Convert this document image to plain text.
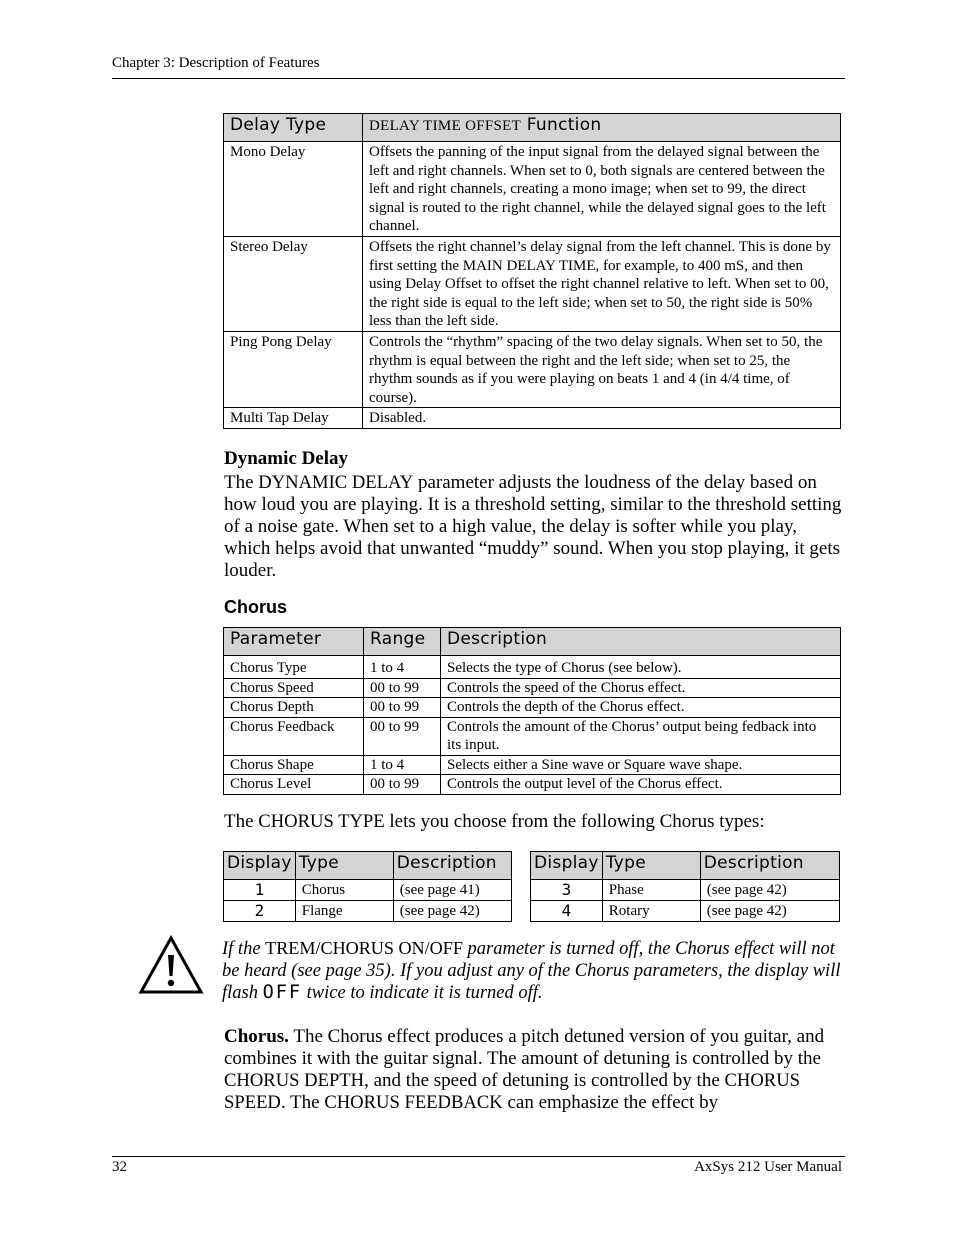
Chapter 3: Description of Features
Delay Type	DELAY TIME OFFSET Function
Mono Delay	Offsets the panning of the input signal from the delayed signal between the left and right channels. When set to 0, both signals are centered between the left and right channels, creating a mono image; when set to 99, the direct signal is routed to the right channel, while the delayed signal goes to the left channel.
Stereo Delay	Offsets the right channel’s delay signal from the left channel. This is done by first setting the MAIN DELAY TIME, for example, to 400 mS, and then using Delay Offset to offset the right channel relative to left. When set to 00, the right side is equal to the left side; when set to 50, the right side is 50% less than the left side.
Ping Pong Delay	Controls the “rhythm” spacing of the two delay signals. When set to 50, the rhythm is equal between the right and the left side; when set to 25, the rhythm sounds as if you were playing on beats 1 and 4 (in 4/4 time, of course).
Multi Tap Delay	Disabled.
Dynamic Delay
The DYNAMIC DELAY parameter adjusts the loudness of the delay based on how loud you are playing. It is a threshold setting, similar to the threshold setting of a noise gate. When set to a high value, the delay is softer while you play, which helps avoid that unwanted “muddy” sound. When you stop playing, it gets louder.
Chorus
Parameter	Range	Description
Chorus Type	1 to 4	Selects the type of Chorus (see below).
Chorus Speed	00 to 99	Controls the speed of the Chorus effect.
Chorus Depth	00 to 99	Controls the depth of the Chorus effect.
Chorus Feedback	00 to 99	Controls the amount of the Chorus’ output being fedback into its input.
Chorus Shape	1 to 4	Selects either a Sine wave or Square wave shape.
Chorus Level	00 to 99	Controls the output level of the Chorus effect.
The CHORUS TYPE lets you choose from the following Chorus types:
Display	Type	Description
1	Chorus	(see page 41)
2	Flange	(see page 42)
Display	Type	Description
3	Phase	(see page 42)
4	Rotary	(see page 42)
If the TREM/CHORUS ON/OFF parameter is turned off, the Chorus effect will not be heard (see page 35). If you adjust any of the Chorus parameters, the display will flash OFF twice to indicate it is turned off.
Chorus. The Chorus effect produces a pitch detuned version of you guitar, and combines it with the guitar signal. The amount of detuning is controlled by the CHORUS DEPTH, and the speed of detuning is controlled by the CHORUS SPEED. The CHORUS FEEDBACK can emphasize the effect by
32	AxSys 212 User Manual
